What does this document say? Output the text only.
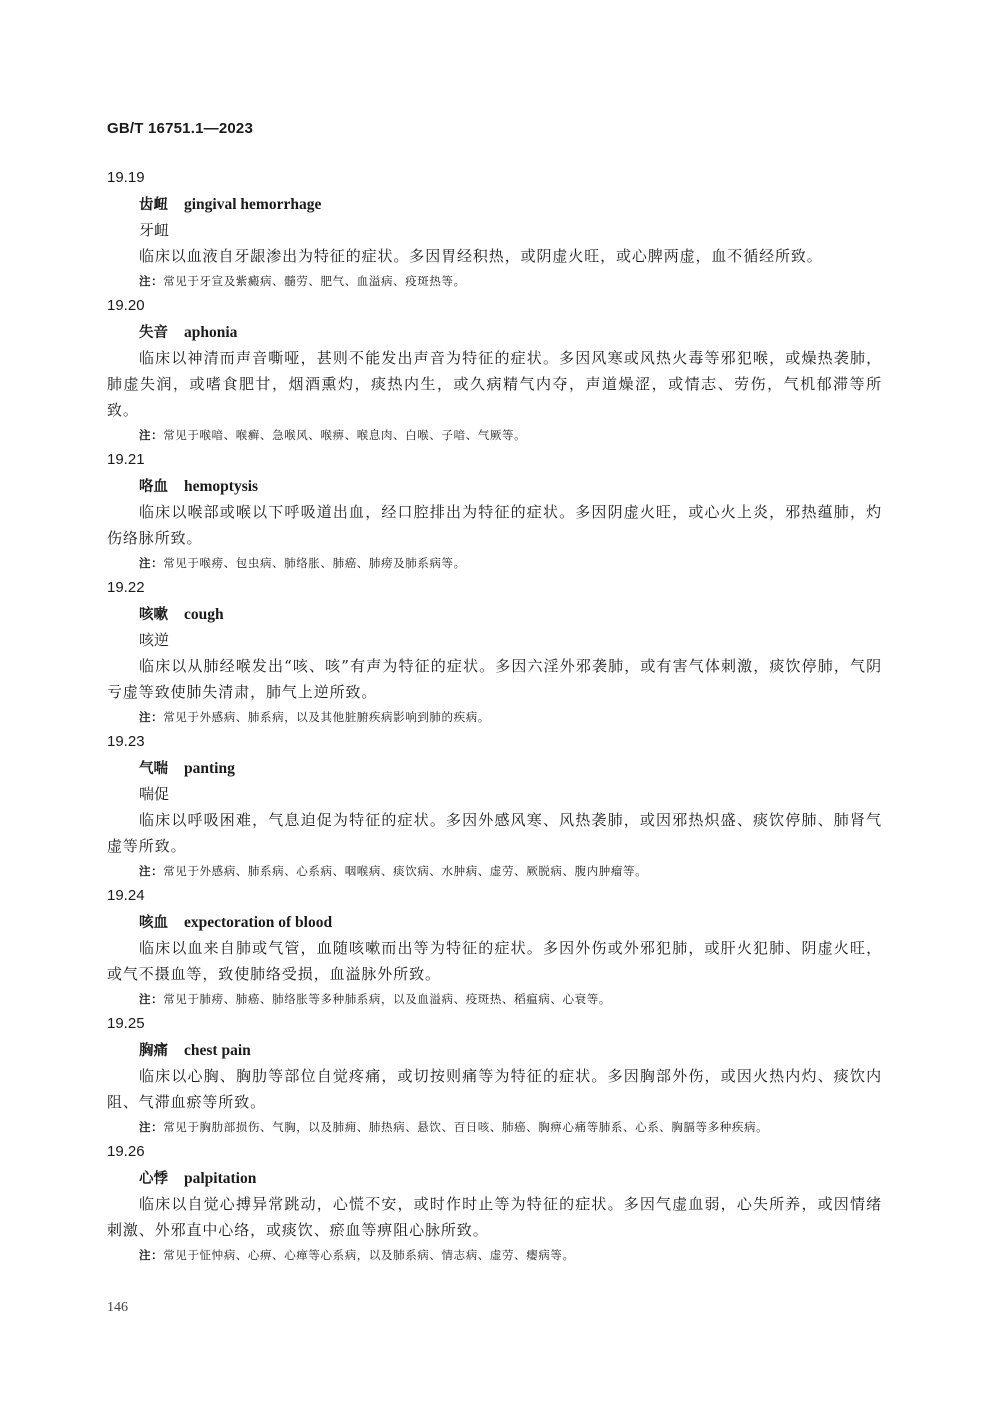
GB/T 16751.1—2023
19.19
齿衄 gingival hemorrhage
牙衄
临床以血液自牙龈渗出为特征的症状。多因胃经积热，或阴虚火旺，或心脾两虚，血不循经所致。
注：常见于牙宣及紫癜病、髓劳、肥气、血溢病、疫斑热等。
19.20
失音 aphonia
临床以神清而声音嘶哑，甚则不能发出声音为特征的症状。多因风寒或风热火毒等邪犯喉，或燥热袭肺，肺虚失润，或嗜食肥甘，烟酒熏灼，痰热内生，或久病精气内夺，声道燥涩，或情志、劳伤，气机郁滞等所致。
注：常见于喉喑、喉癣、急喉风、喉痹、喉息肉、白喉、子喑、气厥等。
19.21
咯血 hemoptysis
临床以喉部或喉以下呼吸道出血，经口腔排出为特征的症状。多因阴虚火旺，或心火上炎，邪热蕴肺，灼伤络脉所致。
注：常见于喉痨、包虫病、肺络胀、肺癌、肺痨及肺系病等。
19.22
咳嗽 cough
咳逆
临床以从肺经喉发出“咳、咳”有声为特征的症状。多因六淫外邪袭肺，或有害气体刺激，痰饮停肺，气阴亏虚等致使肺失清肃，肺气上逆所致。
注：常见于外感病、肺系病，以及其他脏腑疾病影响到肺的疾病。
19.23
气喘 panting
喘促
临床以呼吸困难，气息迫促为特征的症状。多因外感风寒、风热袭肺，或因邪热炽盛、痰饮停肺、肺肾气虚等所致。
注：常见于外感病、肺系病、心系病、咽喉病、痰饮病、水肿病、虚劳、厥脱病、腹内肿瘤等。
19.24
咳血 expectoration of blood
临床以血来自肺或气管，血随咳嗽而出等为特征的症状。多因外伤或外邪犯肺，或肝火犯肺、阴虚火旺，或气不摄血等，致使肺络受损，血溢脉外所致。
注：常见于肺痨、肺癌、肺络胀等多种肺系病，以及血溢病、疫斑热、稻瘟病、心衰等。
19.25
胸痛 chest pain
临床以心胸、胸肋等部位自觉疼痛，或切按则痛等为特征的症状。多因胸部外伤，或因火热内灼、痰饮内阻、气滞血瘀等所致。
注：常见于胸肋部损伤、气胸，以及肺痈、肺热病、悬饮、百日咳、肺癌、胸痹心痛等肺系、心系、胸膈等多种疾病。
19.26
心悸 palpitation
临床以自觉心搏异常跳动，心慌不安，或时作时止等为特征的症状。多因气虚血弱，心失所养，或因情绪刺激、外邪直中心络，或痰饮、瘀血等痹阻心脉所致。
注：常见于怔忡病、心痹、心瘅等心系病，以及肺系病、情志病、虚劳、瘿病等。
146
